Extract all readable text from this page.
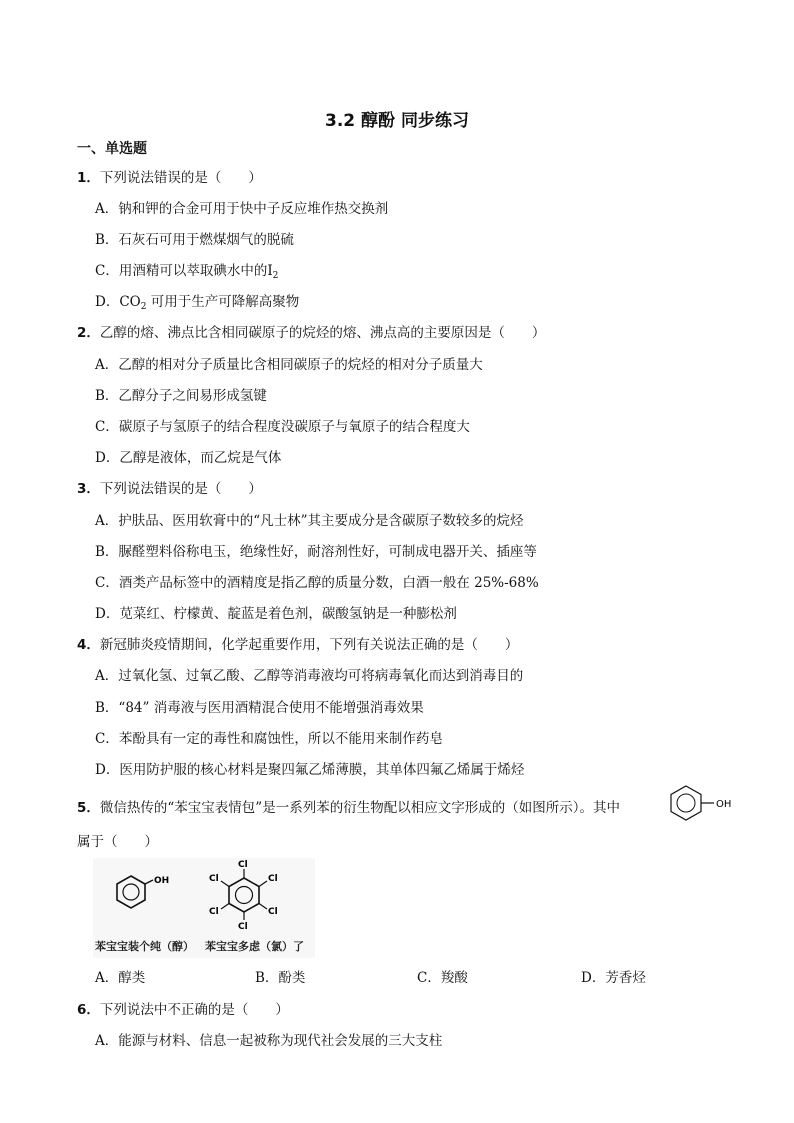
3.2 醇酚 同步练习
一、单选题
1．下列说法错误的是（　　）
A．钠和钾的合金可用于快中子反应堆作热交换剂
B．石灰石可用于燃煤烟气的脱硫
C．用酒精可以萃取碘水中的$I_2$
D．$CO_2$ 可用于生产可降解高聚物
2．乙醇的熔、沸点比含相同碳原子的烷烃的熔、沸点高的主要原因是（　　）
A．乙醇的相对分子质量比含相同碳原子的烷烃的相对分子质量大
B．乙醇分子之间易形成氢键
C．碳原子与氢原子的结合程度没碳原子与氧原子的结合程度大
D．乙醇是液体，而乙烷是气体
3．下列说法错误的是（　　）
A．护肤品、医用软膏中的“凡士林”其主要成分是含碳原子数较多的烷烃
B．脲醛塑料俗称电玉，绝缘性好，耐溶剂性好，可制成电器开关、插座等
C．酒类产品标签中的酒精度是指乙醇的质量分数，白酒一般在 25%-68%
D．苋菜红、柠檬黄、靛蓝是着色剂，碳酸氢钠是一种膨松剂
4．新冠肺炎疫情期间，化学起重要作用，下列有关说法正确的是（　　）
A．过氧化氢、过氧乙酸、乙醇等消毒液均可将病毒氧化而达到消毒目的
B．“84” 消毒液与医用酒精混合使用不能增强消毒效果
C．苯酚具有一定的毒性和腐蚀性，所以不能用来制作药皂
D．医用防护服的核心材料是聚四氟乙烯薄膜，其单体四氟乙烯属于烯烃
5．微信热传的“苯宝宝表情包”是一系列苯的衍生物配以相应文字形成的（如图所示）。其中	OH
属于（　　）
OH
Cl
Cl
Cl
Cl
Cl
Cl
苯宝宝装个纯（醇） 苯宝宝多虑（氯）了
A．醇类	B．酚类	C．羧酸	D．芳香烃
6．下列说法中不正确的是（　　）
A．能源与材料、信息一起被称为现代社会发展的三大支柱
